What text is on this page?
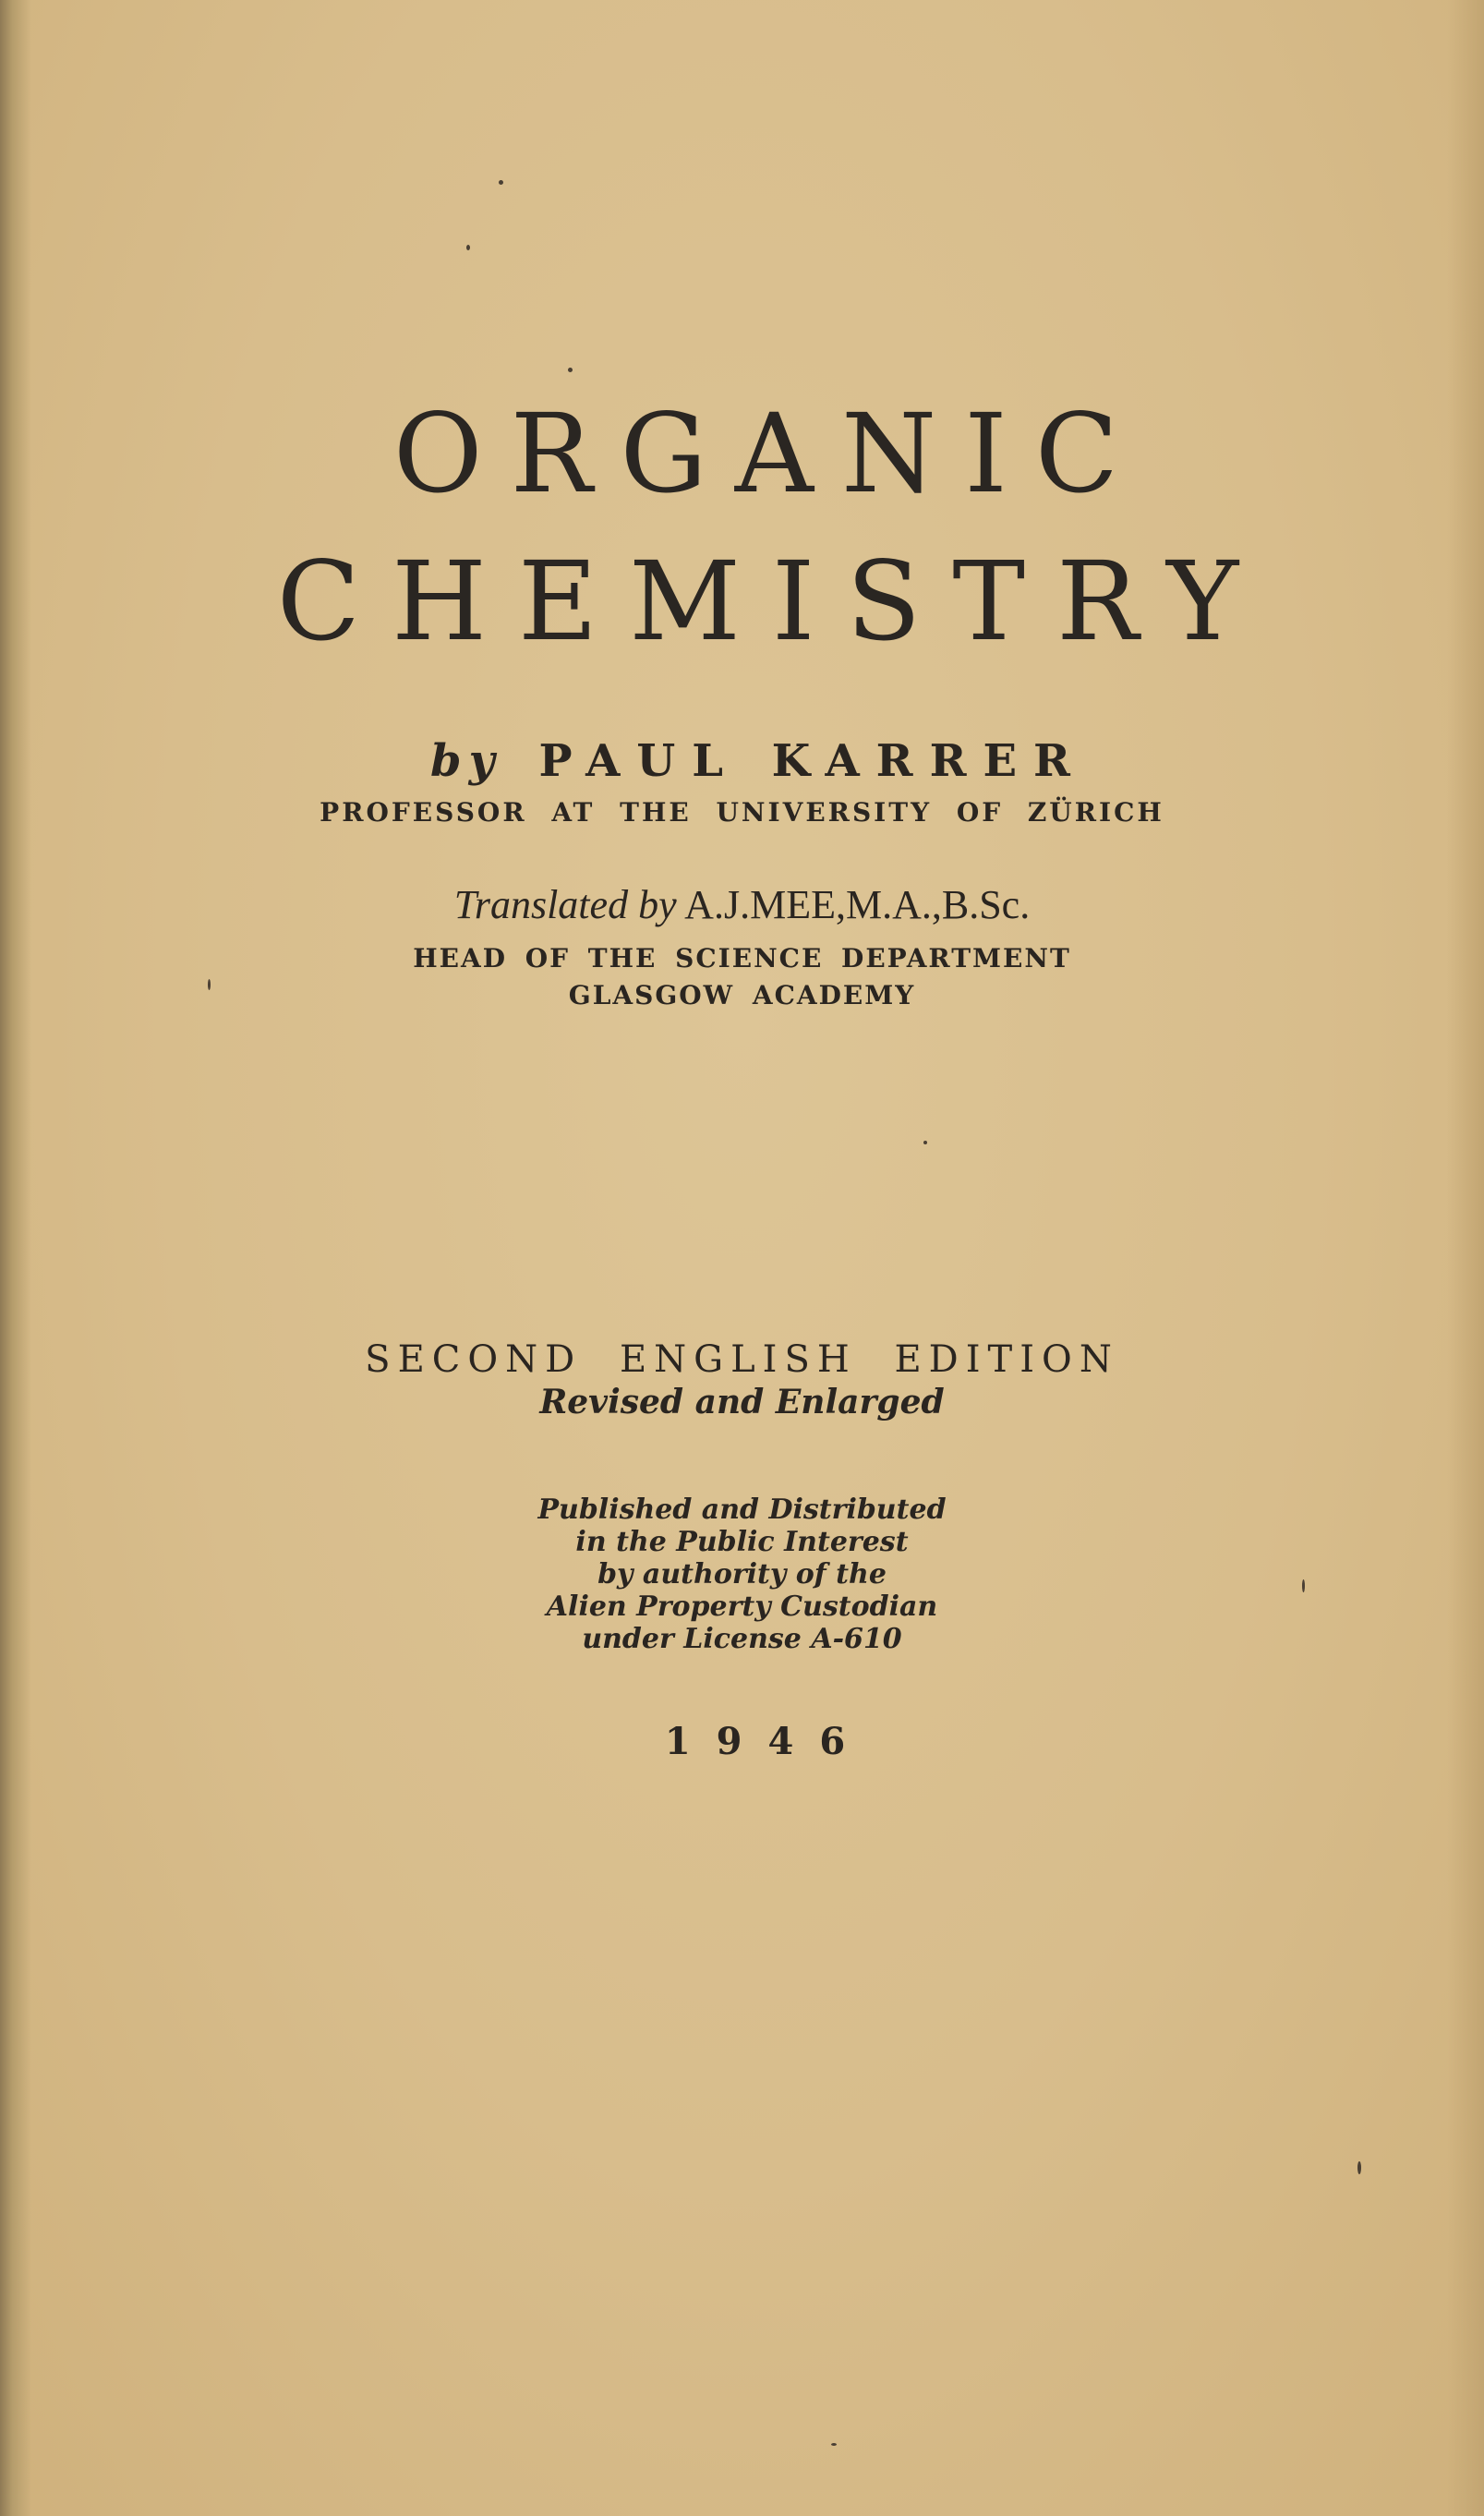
ORGANIC
CHEMISTRY
by PAUL KARRER
PROFESSOR AT THE UNIVERSITY OF ZÜRICH
Translated by A.J.MEE,M.A.,B.Sc.
HEAD OF THE SCIENCE DEPARTMENT
GLASGOW ACADEMY
SECOND ENGLISH EDITION
Revised and Enlarged
Published and Distributed
in the Public Interest
by authority of the
Alien Property Custodian
under License A-610
1946
